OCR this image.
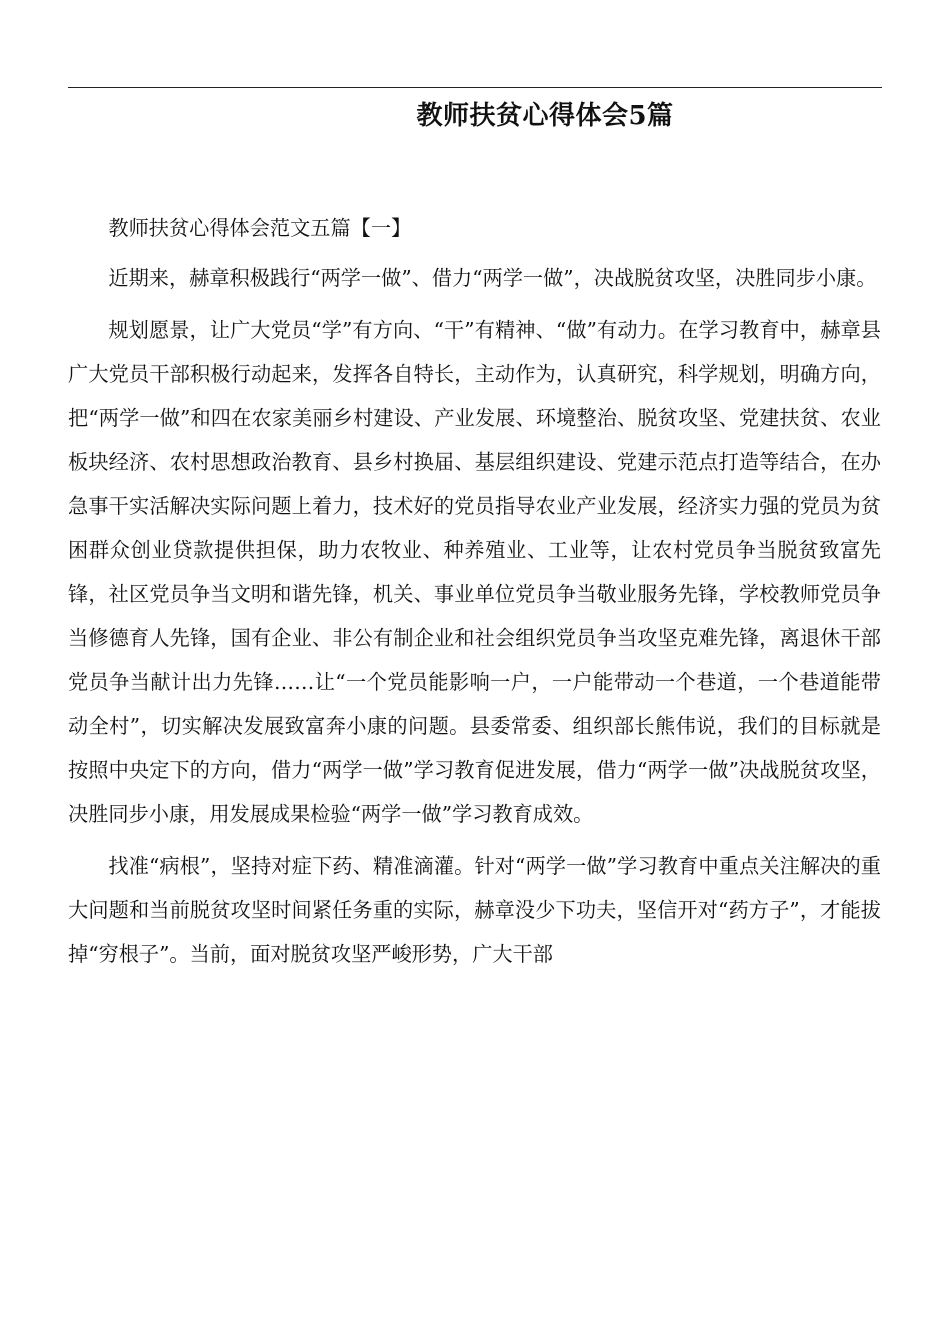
教师扶贫心得体会5篇

教师扶贫心得体会范文五篇【一】

近期来，赫章积极践行“两学一做”、借力“两学一做”，决战脱贫攻坚，决胜同步小康。

规划愿景，让广大党员“学”有方向、“干”有精神、“做”有动力。在学习教育中，赫章县广大党员干部积极行动起来，发挥各自特长，主动作为，认真研究，科学规划，明确方向，把“两学一做”和四在农家美丽乡村建设、产业发展、环境整治、脱贫攻坚、党建扶贫、农业板块经济、农村思想政治教育、县乡村换届、基层组织建设、党建示范点打造等结合，在办急事干实活解决实际问题上着力，技术好的党员指导农业产业发展，经济实力强的党员为贫困群众创业贷款提供担保，助力农牧业、种养殖业、工业等，让农村党员争当脱贫致富先锋，社区党员争当文明和谐先锋，机关、事业单位党员争当敬业服务先锋，学校教师党员争当修德育人先锋，国有企业、非公有制企业和社会组织党员争当攻坚克难先锋，离退休干部党员争当献计出力先锋……让“一个党员能影响一户，一户能带动一个巷道，一个巷道能带动全村”，切实解决发展致富奔小康的问题。县委常委、组织部长熊伟说，我们的目标就是按照中央定下的方向，借力“两学一做”学习教育促进发展，借力“两学一做”决战脱贫攻坚，决胜同步小康，用发展成果检验“两学一做”学习教育成效。

找准“病根”，坚持对症下药、精准滴灌。针对“两学一做”学习教育中重点关注解决的重大问题和当前脱贫攻坚时间紧任务重的实际，赫章没少下功夫，坚信开对“药方子”，才能拔掉“穷根子”。当前，面对脱贫攻坚严峻形势，广大干部
